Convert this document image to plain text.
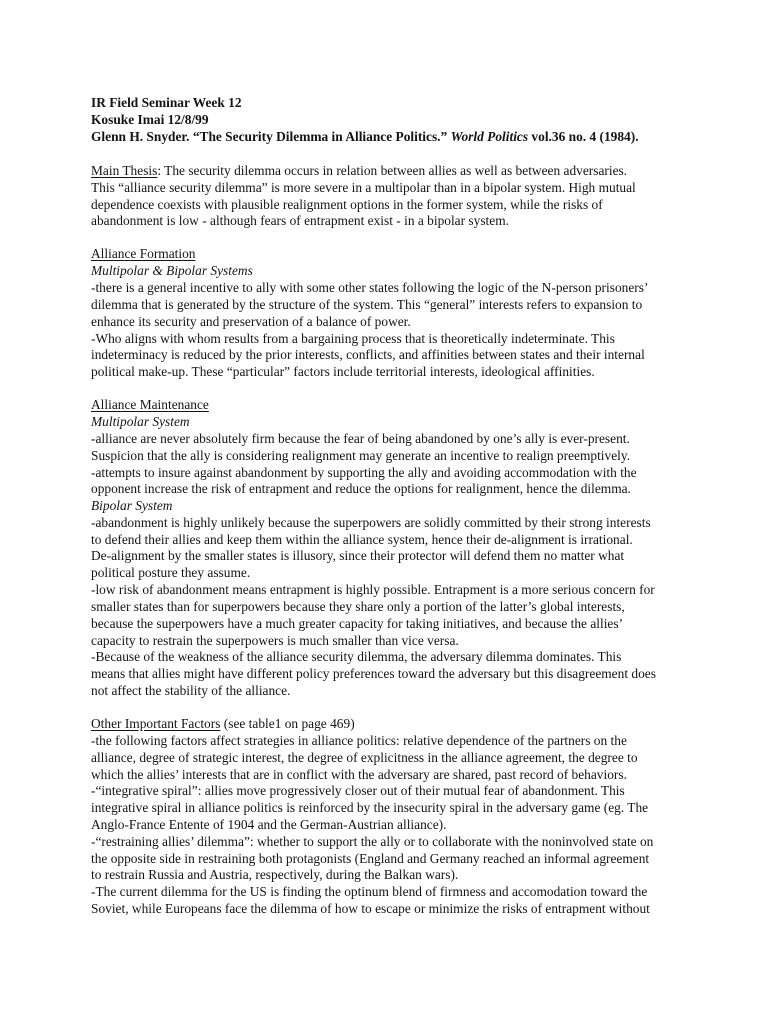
IR Field Seminar Week 12
Kosuke Imai 12/8/99
Glenn H. Snyder. “The Security Dilemma in Alliance Politics.” World Politics vol.36 no. 4 (1984).
Main Thesis: The security dilemma occurs in relation between allies as well as between adversaries.
This “alliance security dilemma” is more severe in a multipolar than in a bipolar system. High mutual
dependence coexists with plausible realignment options in the former system, while the risks of
abandonment is low - although fears of entrapment exist - in a bipolar system.
Alliance Formation
Multipolar & Bipolar Systems
-there is a general incentive to ally with some other states following the logic of the N-person prisoners’
dilemma that is generated by the structure of the system. This “general” interests refers to expansion to
enhance its security and preservation of a balance of power.
-Who aligns with whom results from a bargaining process that is theoretically indeterminate. This
indeterminacy is reduced by the prior interests, conflicts, and affinities between states and their internal
political make-up. These “particular” factors include territorial interests, ideological affinities.
Alliance Maintenance
Multipolar System
-alliance are never absolutely firm because the fear of being abandoned by one’s ally is ever-present.
Suspicion that the ally is considering realignment may generate an incentive to realign preemptively.
-attempts to insure against abandonment by supporting the ally and avoiding accommodation with the
opponent increase the risk of entrapment and reduce the options for realignment, hence the dilemma.
Bipolar System
-abandonment is highly unlikely because the superpowers are solidly committed by their strong interests
to defend their allies and keep them within the alliance system, hence their de-alignment is irrational.
De-alignment by the smaller states is illusory, since their protector will defend them no matter what
political posture they assume.
-low risk of abandonment means entrapment is highly possible. Entrapment is a more serious concern for
smaller states than for superpowers because they share only a portion of the latter’s global interests,
because the superpowers have a much greater capacity for taking initiatives, and because the allies’
capacity to restrain the superpowers is much smaller than vice versa.
-Because of the weakness of the alliance security dilemma, the adversary dilemma dominates. This
means that allies might have different policy preferences toward the adversary but this disagreement does
not affect the stability of the alliance.
Other Important Factors (see table1 on page 469)
-the following factors affect strategies in alliance politics: relative dependence of the partners on the
alliance, degree of strategic interest, the degree of explicitness in the alliance agreement, the degree to
which the allies’ interests that are in conflict with the adversary are shared, past record of behaviors.
-“integrative spiral”: allies move progressively closer out of their mutual fear of abandonment. This
integrative spiral in alliance politics is reinforced by the insecurity spiral in the adversary game (eg. The
Anglo-France Entente of 1904 and the German-Austrian alliance).
-“restraining allies’ dilemma”: whether to support the ally or to collaborate with the noninvolved state on
the opposite side in restraining both protagonists (England and Germany reached an informal agreement
to restrain Russia and Austria, respectively, during the Balkan wars).
-The current dilemma for the US is finding the optinum blend of firmness and accomodation toward the
Soviet, while Europeans face the dilemma of how to escape or minimize the risks of entrapment without
